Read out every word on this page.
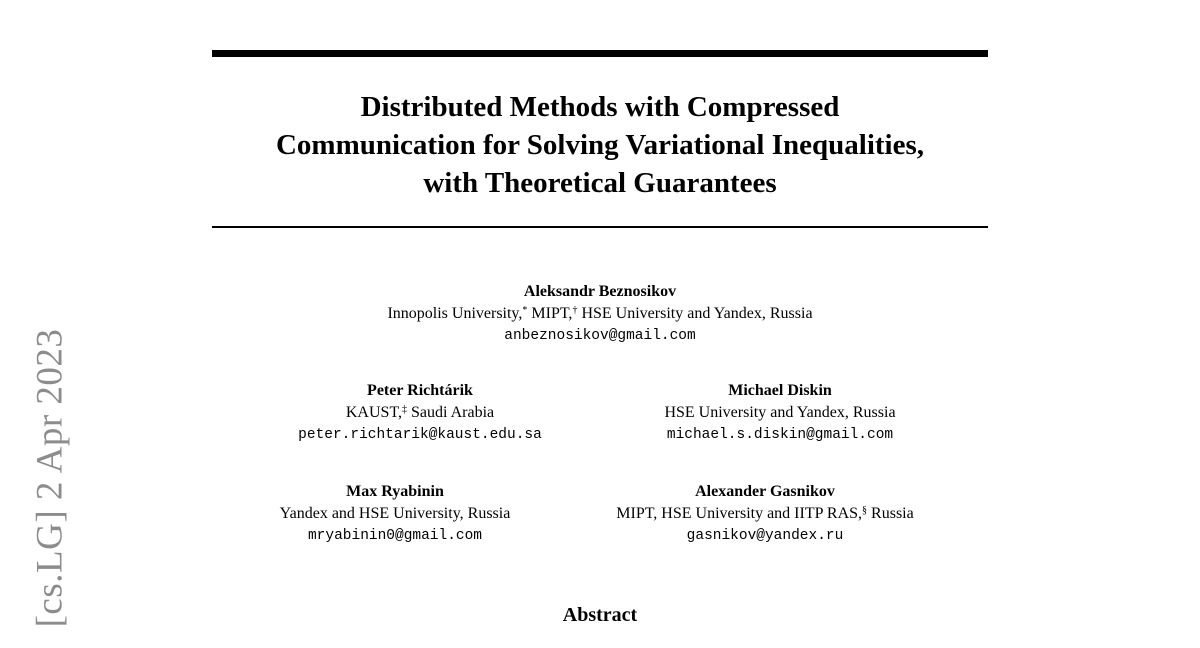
[cs.LG] 2 Apr 2023
Distributed Methods with Compressed
Communication for Solving Variational Inequalities,
with Theoretical Guarantees
Aleksandr Beznosikov
Innopolis University,* MIPT,† HSE University and Yandex, Russia
anbeznosikov@gmail.com
Peter Richtárik
KAUST,‡ Saudi Arabia
peter.richtarik@kaust.edu.sa
Michael Diskin
HSE University and Yandex, Russia
michael.s.diskin@gmail.com
Max Ryabinin
Yandex and HSE University, Russia
mryabinin0@gmail.com
Alexander Gasnikov
MIPT, HSE University and IITP RAS,§ Russia
gasnikov@yandex.ru
Abstract
